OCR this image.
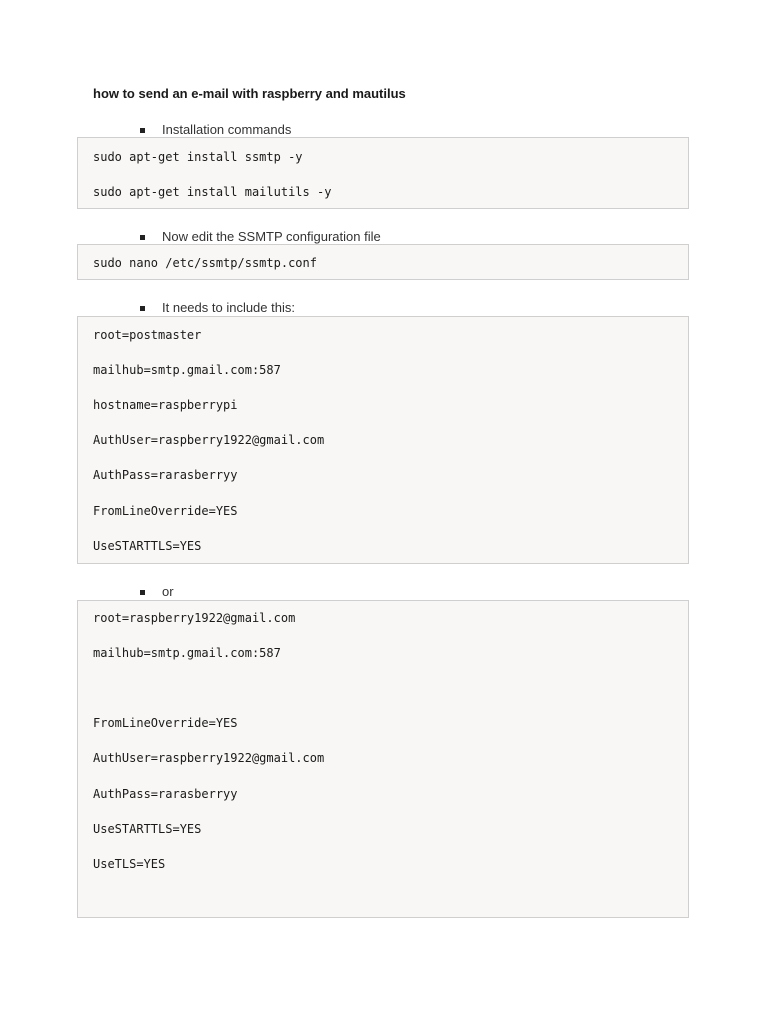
how to send an e-mail with raspberry and mautilus
Installation commands
sudo apt-get install ssmtp -y
sudo apt-get install mailutils -y
Now edit the SSMTP configuration file
sudo nano /etc/ssmtp/ssmtp.conf
It needs to include this:
root=postmaster
mailhub=smtp.gmail.com:587
hostname=raspberrypi
AuthUser=raspberry1922@gmail.com
AuthPass=rarasberryy
FromLineOverride=YES
UseSTARTTLS=YES
or
root=raspberry1922@gmail.com
mailhub=smtp.gmail.com:587
FromLineOverride=YES
AuthUser=raspberry1922@gmail.com
AuthPass=rarasberryy
UseSTARTTLS=YES
UseTLS=YES
